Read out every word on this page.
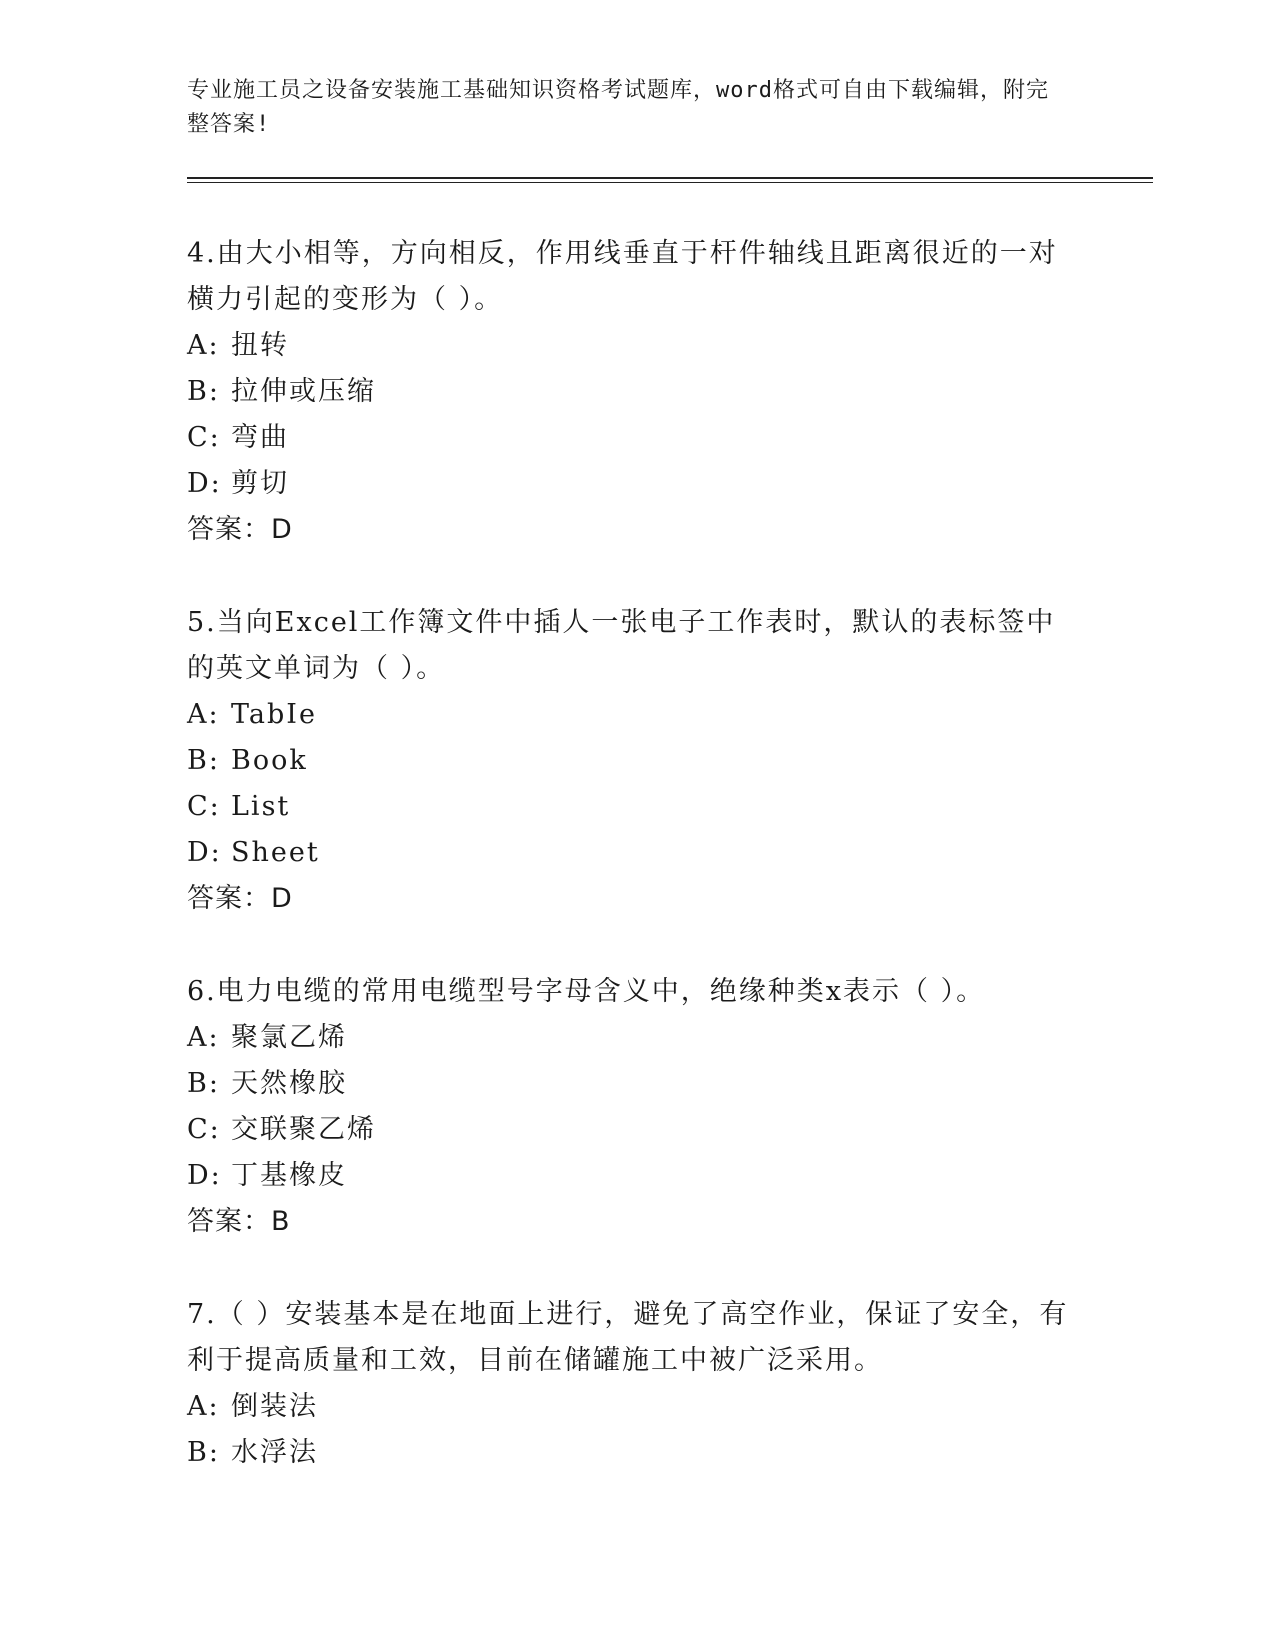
专业施工员之设备安装施工基础知识资格考试题库，word格式可自由下载编辑，附完整答案!
4.由大小相等，方向相反，作用线垂直于杆件轴线且距离很近的一对横力引起的变形为（ ）。
A: 扭转
B: 拉伸或压缩
C: 弯曲
D: 剪切
答案：D
5.当向Excel工作簿文件中插人一张电子工作表时，默认的表标签中的英文单词为（ ）。
A: TabIe
B: Book
C: List
D: Sheet
答案：D
6.电力电缆的常用电缆型号字母含义中，绝缘种类x表示（ ）。
A: 聚氯乙烯
B: 天然橡胶
C: 交联聚乙烯
D: 丁基橡皮
答案：B
7.（ ）安装基本是在地面上进行，避免了高空作业，保证了安全，有利于提高质量和工效，目前在储罐施工中被广泛采用。
A: 倒装法
B: 水浮法
